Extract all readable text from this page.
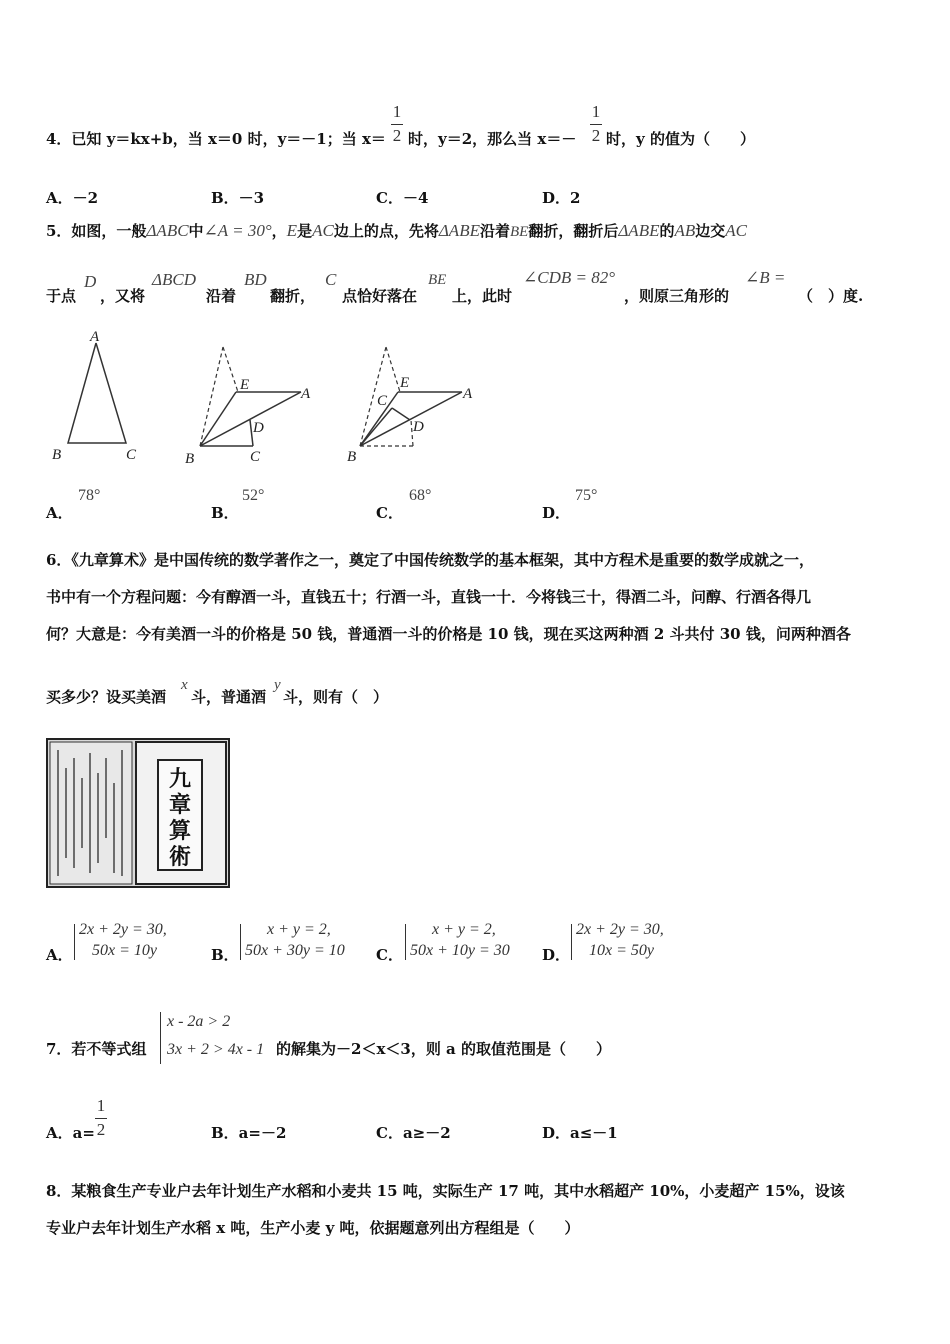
4．已知 y＝kx+b，当 x＝0 时，y＝－1；当 x＝
1
2 时，y＝2，那么当 x＝－
1
2 时，y 的值为（　　）
A．－2	B．－3	C．－4	D．2
5．如图，一般ΔABC中∠A = 30°，E是AC边上的点，先将ΔABE沿着BE翻折，翻折后ΔABE的AB边交AC
于点
D
，又将
ΔBCD
沿着
BD
翻折，
C
点恰好落在
BE
上，此时
∠CDB = 82°
，则原三角形的
∠B =
（　）度.
A
B	C
E
A
D
B	C
E
A
C
D
B
A．
78°
B．
52°
C．
68°
D．
75°
6．《九章算术》是中国传统的数学著作之一，奠定了中国传统数学的基本框架，其中方程术是重要的数学成就之一，
书中有一个方程问题：今有醇酒一斗，直钱五十；行酒一斗，直钱一十．今将钱三十，得酒二斗，问醇、行酒各得几
何？大意是：今有美酒一斗的价格是 50 钱，普通酒一斗的价格是 10 钱，现在买这两种酒 2 斗共付 30 钱，问两种酒各
买多少？设买美酒
x
斗，普通酒
y
斗，则有（　）
九
章
算
術
A．
2x + 2y = 30,
50x = 10y	B．
x + y = 2,
50x + 30y = 10 C．
x + y = 2,
50x + 10y = 30 D．
2x + 2y = 30,
10x = 50y
7．若不等式组
x - 2a > 2
3x + 2 > 4x - 1 的解集为－2＜x＜3，则 a 的取值范围是（　　）
A．a=
1
2	B．a=－2	C．a≥－2	D．a≤－1
8．某粮食生产专业户去年计划生产水稻和小麦共 15 吨，实际生产 17 吨，其中水稻超产 10%，小麦超产 15%，设该
专业户去年计划生产水稻 x 吨，生产小麦 y 吨，依据题意列出方程组是（　　）
